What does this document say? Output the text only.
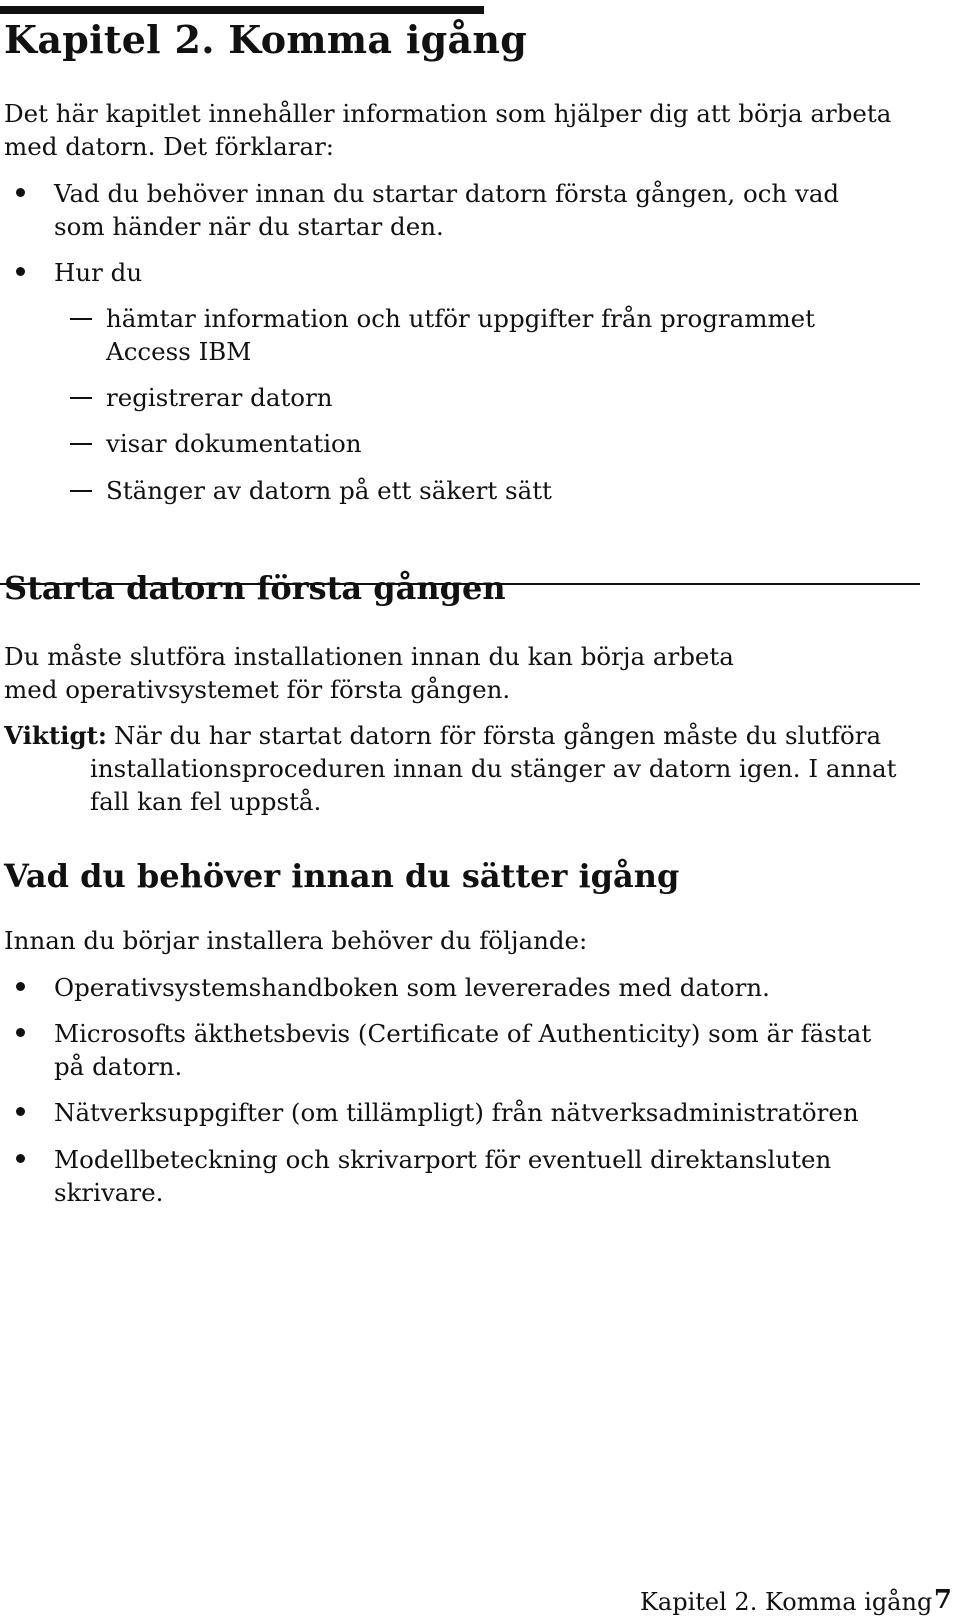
Kapitel 2. Komma igång

Det här kapitlet innehåller information som hjälper dig att börja arbeta med datorn. Det förklarar:

Vad du behöver innan du startar datorn första gången, och vad som händer när du startar den.

Hur du

hämtar information och utför uppgifter från programmet Access IBM

registrerar datorn

visar dokumentation

Stänger av datorn på ett säkert sätt

Starta datorn första gången

Du måste slutföra installationen innan du kan börja arbeta med operativsystemet för första gången.

Viktigt: När du har startat datorn för första gången måste du slutföra installationsproceduren innan du stänger av datorn igen. I annat fall kan fel uppstå.

Vad du behöver innan du sätter igång

Innan du börjar installera behöver du följande:

Operativsystemshandboken som levererades med datorn.

Microsofts äkthetsbevis (Certificate of Authenticity) som är fästat på datorn.

Nätverksuppgifter (om tillämpligt) från nätverksadministratören

Modellbeteckning och skrivarport för eventuell direktansluten skrivare.

Kapitel 2. Komma igång 7
